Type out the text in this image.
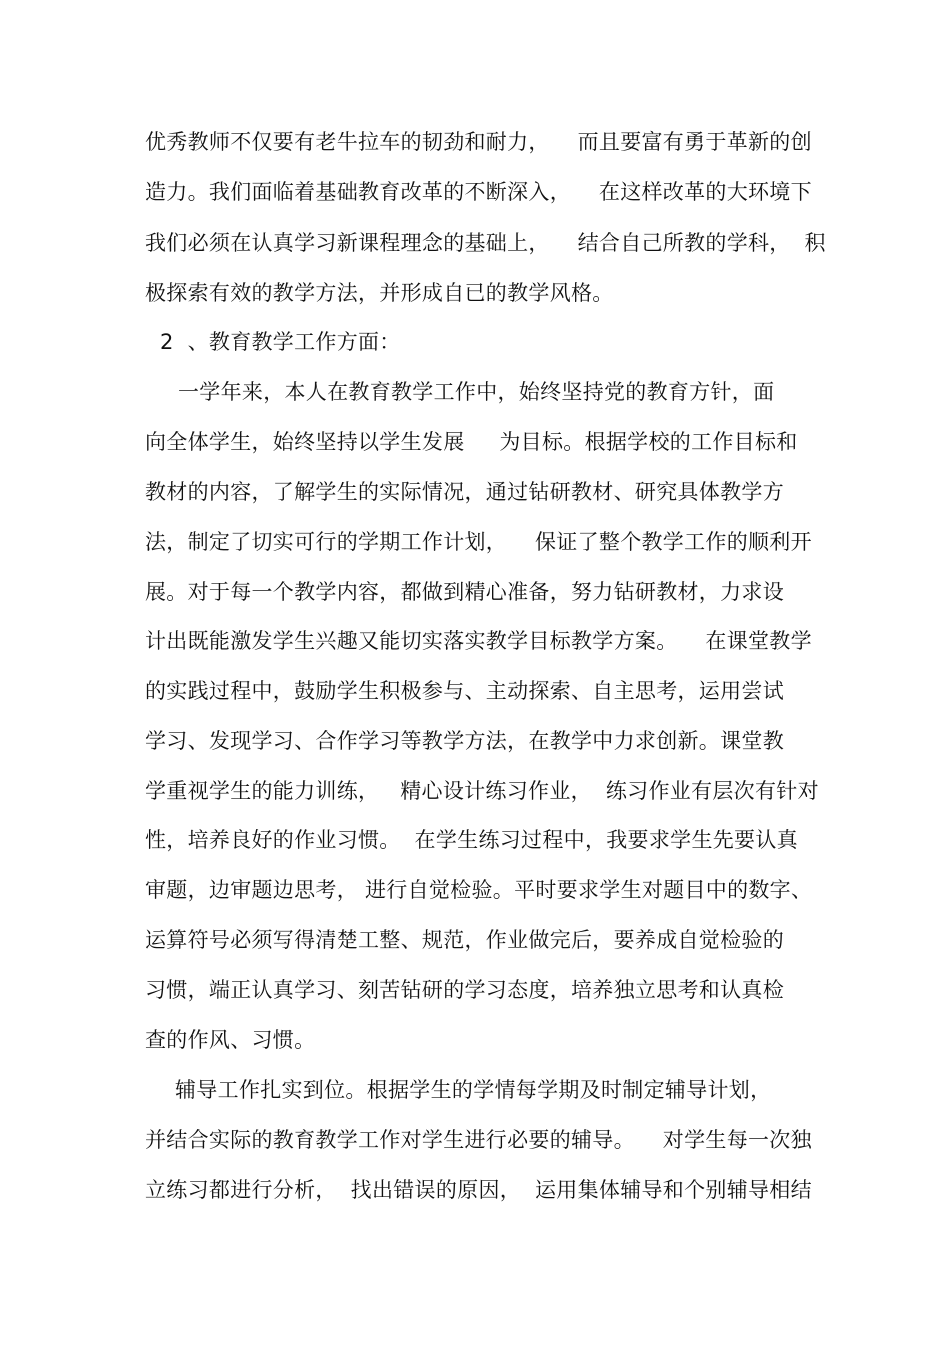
优秀教师不仅要有老牛拉车的韧劲和耐力，    而且要富有勇于革新的创
造力。我们面临着基础教育改革的不断深入，    在这样改革的大环境下
我们必须在认真学习新课程理念的基础上，    结合自己所教的学科，  积
极探索有效的教学方法，并形成自已的教学风格。
2  、教育教学工作方面：
一学年来，本人在教育教学工作中，始终坚持党的教育方针，面
向全体学生，始终坚持以学生发展     为目标。根据学校的工作目标和
教材的内容，了解学生的实际情况，通过钻研教材、研究具体教学方
法，制定了切实可行的学期工作计划，    保证了整个教学工作的顺利开
展。对于每一个教学内容，都做到精心准备，努力钻研教材，力求设
计出既能激发学生兴趣又能切实落实教学目标教学方案。    在课堂教学
的实践过程中，鼓励学生积极参与、主动探索、自主思考，运用尝试
学习、发现学习、合作学习等教学方法，在教学中力求创新。课堂教
学重视学生的能力训练，   精心设计练习作业，  练习作业有层次有针对
性，培养良好的作业习惯。  在学生练习过程中，我要求学生先要认真
审题，边审题边思考， 进行自觉检验。平时要求学生对题目中的数字、
运算符号必须写得清楚工整、规范，作业做完后，要养成自觉检验的
习惯，端正认真学习、刻苦钻研的学习态度，培养独立思考和认真检
查的作风、习惯。
辅导工作扎实到位。根据学生的学情每学期及时制定辅导计划，
并结合实际的教育教学工作对学生进行必要的辅导。    对学生每一次独
立练习都进行分析，  找出错误的原因，  运用集体辅导和个别辅导相结
